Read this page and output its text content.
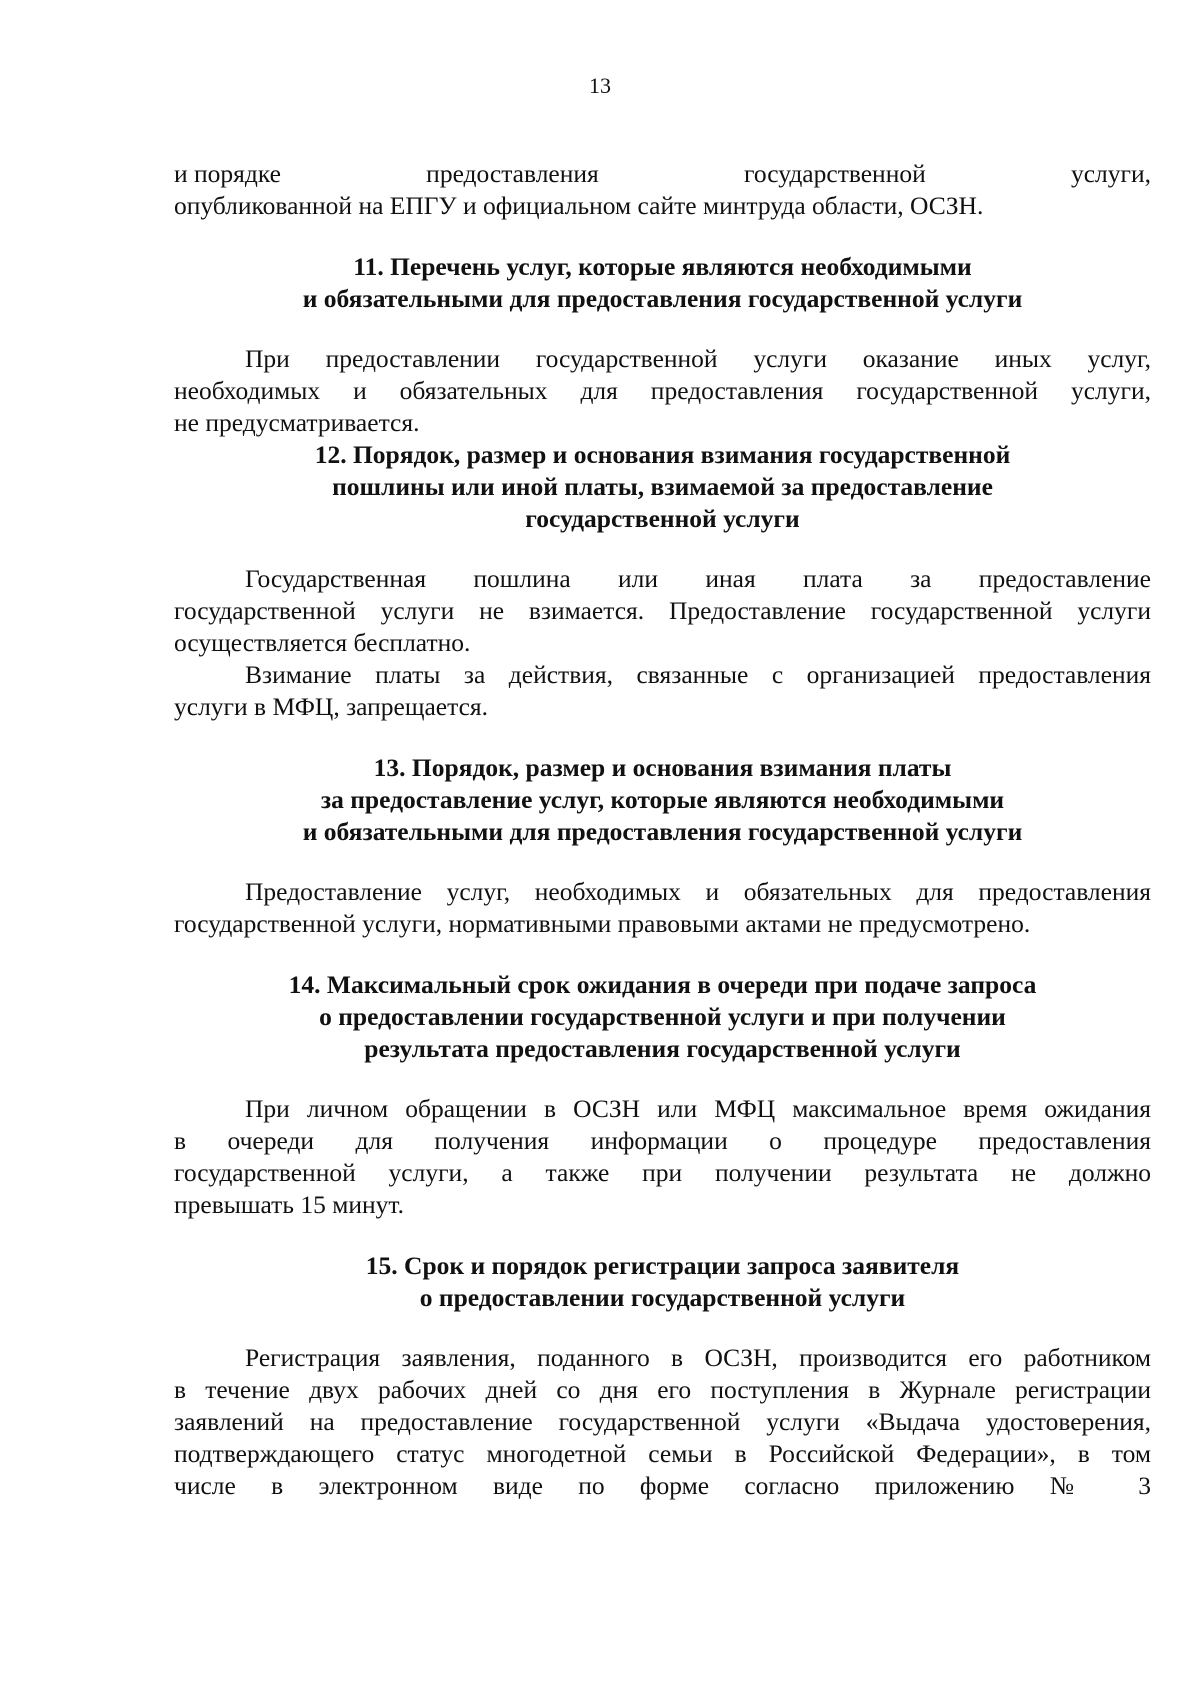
13
и порядке	предоставления	государственной	услуги,
опубликованной на ЕПГУ и официальном сайте минтруда области, ОСЗН.
11. Перечень услуг, которые являются необходимыми
и обязательными для предоставления государственной услуги
При предоставлении государственной услуги оказание иных услуг,
необходимых и обязательных для предоставления государственной услуги,
не предусматривается.
12. Порядок, размер и основания взимания государственной
пошлины или иной платы, взимаемой за предоставление
государственной услуги
Государственная пошлина или иная плата за предоставление
государственной услуги не взимается. Предоставление государственной услуги
осуществляется бесплатно.
Взимание платы за действия, связанные с организацией предоставления
услуги в МФЦ, запрещается.
13. Порядок, размер и основания взимания платы
за предоставление услуг, которые являются необходимыми
и обязательными для предоставления государственной услуги
Предоставление услуг, необходимых и обязательных для предоставления
государственной услуги, нормативными правовыми актами не предусмотрено.
14. Максимальный срок ожидания в очереди при подаче запроса
о предоставлении государственной услуги и при получении
результата предоставления государственной услуги
При личном обращении в ОСЗН или МФЦ максимальное время ожидания
в очереди для получения информации о процедуре предоставления
государственной услуги, а также при получении результата не должно
превышать 15 минут.
15. Срок и порядок регистрации запроса заявителя
о предоставлении государственной услуги
Регистрация заявления, поданного в ОСЗН, производится его работником
в течение двух рабочих дней со дня его поступления в Журнале регистрации
заявлений на предоставление государственной услуги «Выдача удостоверения,
подтверждающего статус многодетной семьи в Российской Федерации», в том
числе в электронном виде по форме согласно приложению № 3
